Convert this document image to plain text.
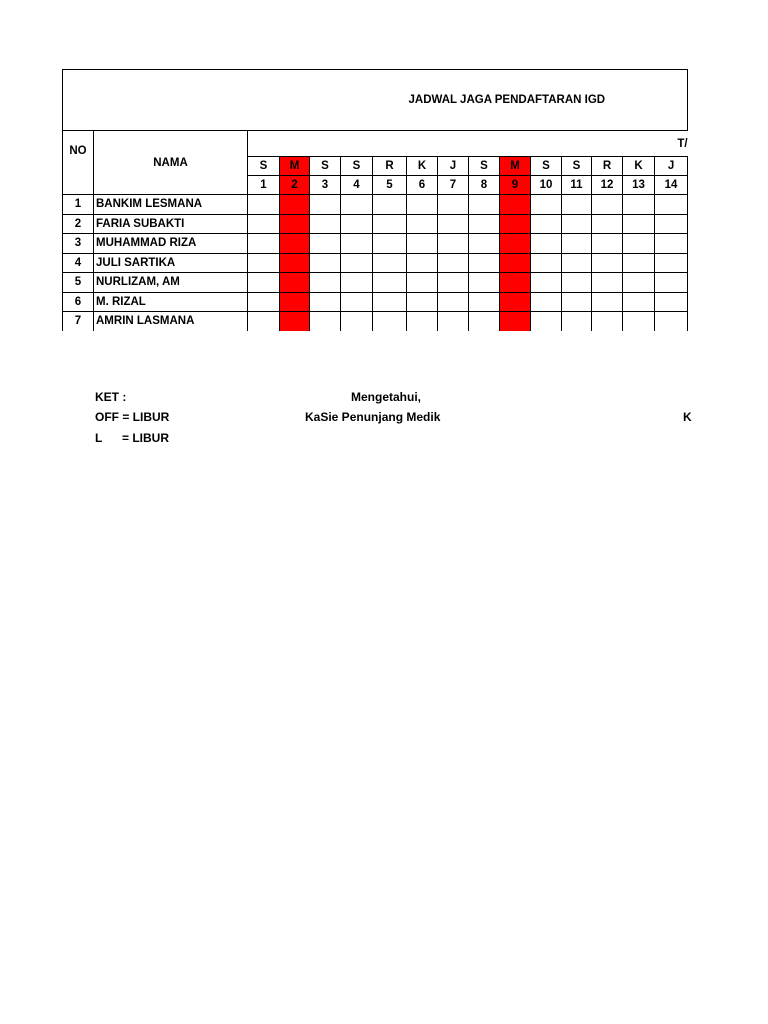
JADWAL JAGA PENDAFTARAN IGD															
NO	NAMA	T/													
		S	M	S	S	R	K	J	S	M	S	S	R	K	J
		1	2	3	4	5	6	7	8	9	10	11	12	13	14
1	BANKIM LESMANA														
2	FARIA SUBAKTI														
3	MUHAMMAD RIZA														
4	JULI SARTIKA														
5	NURLIZAM, AM														
6	M. RIZAL														
7	AMRIN LASMANA														
KET :
OFF = LIBUR
L = LIBUR
Mengetahui,
KaSie Penunjang Medik	K
